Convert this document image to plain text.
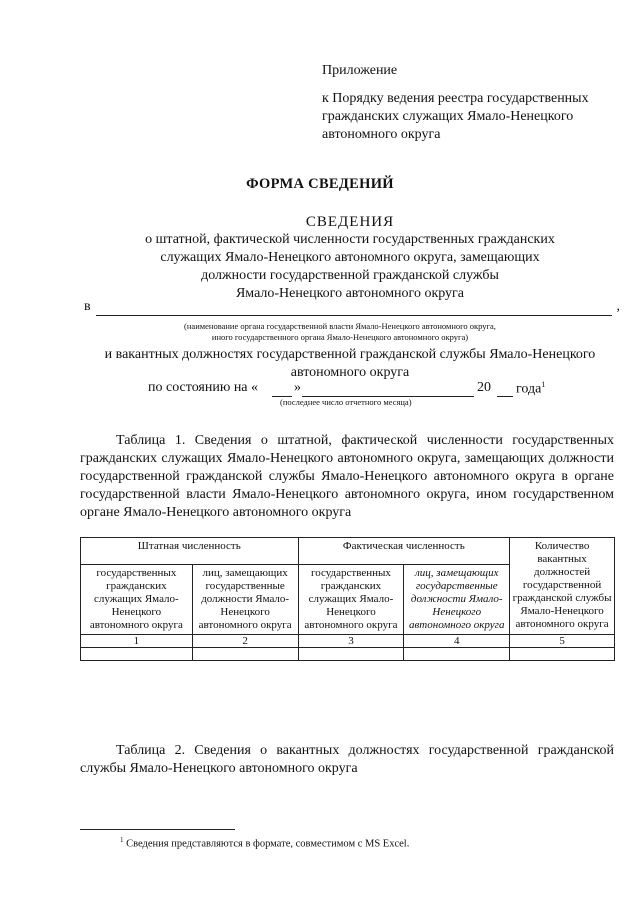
Приложение

к Порядку ведения реестра государственных

гражданских служащих Ямало-Ненецкого

автономного округа

ФОРМА СВЕДЕНИЙ
СВЕДЕНИЯ
о штатной, фактической численности государственных гражданских
служащих Ямало-Ненецкого автономного округа, замещающих
должности государственной гражданской службы
Ямало-Ненецкого автономного округа
в	,
(наименование органа государственной власти Ямало-Ненецкого автономного округа,
иного государственного органа Ямало-Ненецкого автономного округа)
и вакантных должностях государственной гражданской службы Ямало-Ненецкого
автономного округа
по состоянию на «	»	20 года$^1$
(последнее число отчетного месяца)

Таблица 1. Сведения о штатной, фактической численности государственных гражданских служащих Ямало-Ненецкого автономного округа, замещающих должности государственной гражданской службы Ямало-Ненецкого автономного округа в органе государственной власти Ямало-Ненецкого автономного округа, ином государственном органе Ямало-Ненецкого автономного округа

Штатная численность		Фактическая численность		Количество вакантных должностей государственной гражданской службы Ямало-Ненецкого автономного округа
государственных гражданских служащих Ямало-Ненецкого автономного округа	лиц, замещающих государственные должности Ямало-Ненецкого автономного округа	государственных гражданских служащих Ямало-Ненецкого автономного округа	лиц, замещающих государственные должности Ямало-Ненецкого автономного округа	
1	2	3	4	5

Таблица 2. Сведения о вакантных должностях государственной гражданской службы Ямало-Ненецкого автономного округа

$^1$ Сведения представляются в формате, совместимом с MS Excel.
